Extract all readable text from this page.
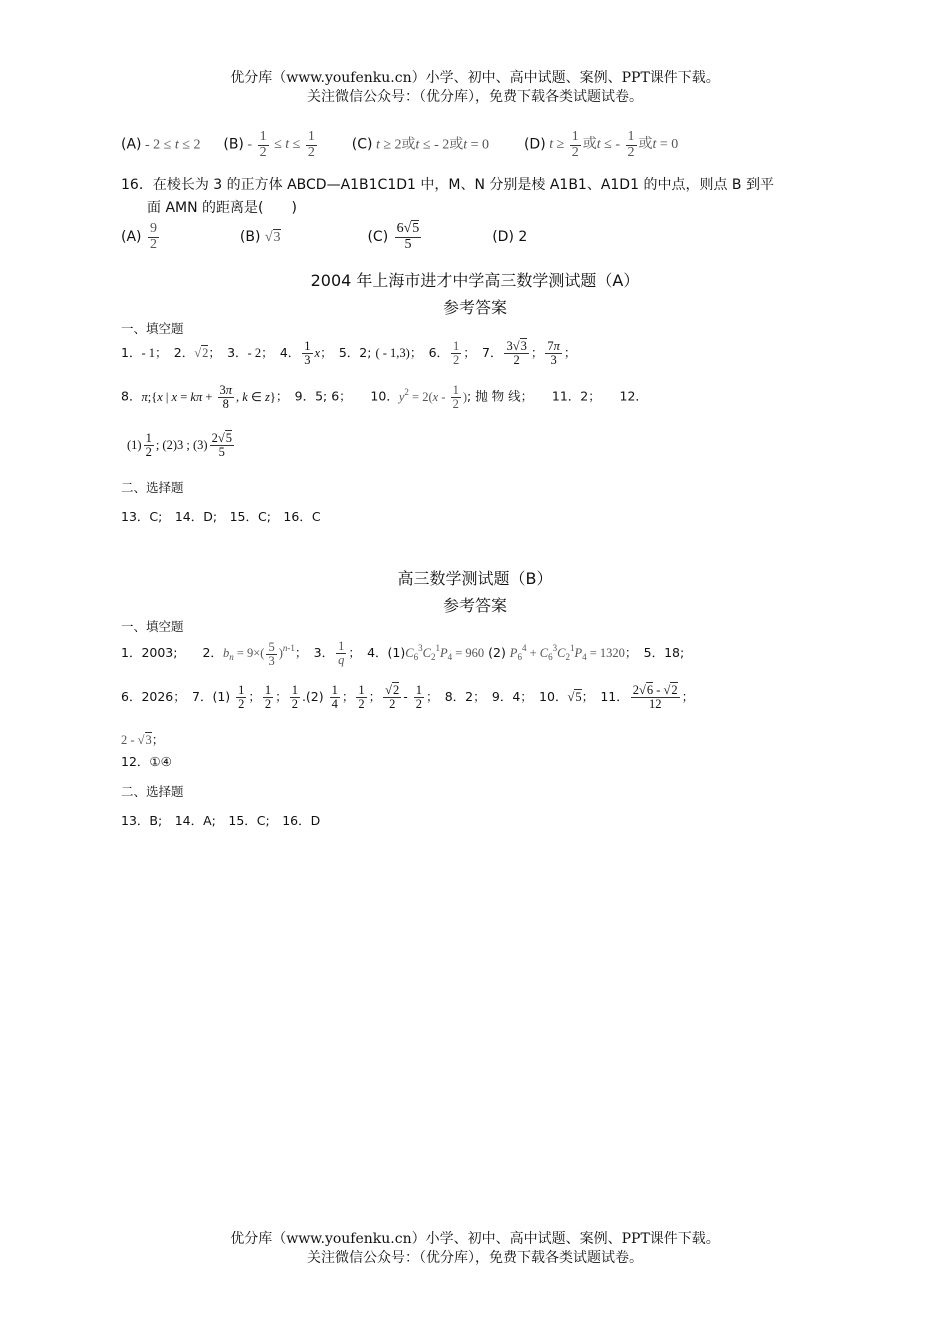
优分库（www.youfenku.cn）小学、初中、高中试题、案例、PPT课件下载。
关注微信公众号：（优分库），免费下载各类试题试卷。
(A) - 2 ≤ t ≤ 2 $(B) - \frac{1}{2} \le t \le \frac{1}{2} (C) t \ge 2$或t ≤ - 2或t = 0 (D) $t \ge \frac{1}{2}$ 或t ≤ - $\frac{1}{2}$ 或t = 0
16．在棱长为 3 的正方体 ABCD—A1B1C1D1 中，M、N 分别是棱 A1B1、A1D1 的中点，则点 B 到平
面 AMN 的距离是(　　)
$(A) \frac{9}{2}$	(B) √3	$(C) \frac{6√5}{5}$	(D) 2
2004 年上海市进才中学高三数学测试题（A）
参考答案
一、填空题
1．- 1；　2．√2；　3．- 2；　4． $\frac{1}{3}$ x；　5．2; ( - 1,3)；　6． $\frac{1}{2}$ ；　7． $\frac{3√3}{2}$ ； $\frac{7\pi}{3}$ ；
8．π;{x | $x = k\pi + \frac{3\pi}{8}$ , k ∈ z}；　9．5; 6；　　10．$y^2 = 2(x - \frac{1}{2}$ ); 抛 物 线；　　11．2；　　12．
$(1) \frac{1}{2}$ ; (2)3 ; $(3) \frac{2√5}{5}$
二、选择题
13．C;　14．D;　15．C;　16．C
高三数学测试题（B）
参考答案
一、填空题
1．2003;　　2．$b_n = 9\times( \frac{5}{3} )^{n-1}$；　3． $\frac{1}{q}$ ；　4．$(1)C_6^3C_2^1P_4 = 960$ (2) $P_6^4 + C_6^3C_2^1P_4 = 1320$；　5．18;
6．2026；　7．$(1) \frac{1}{2}$ ； $\frac{1}{2}$ ； $\frac{1}{2} .(2) \frac{1}{4}$ ； $\frac{1}{2}$ ； $\frac{√2}{2} - \frac{1}{2}$ ；　8．2；　9．4；　10．√5；　11． $\frac{2√6 - √2}{12}$ ；
2 - √3；
12．①④
二、选择题
13．B;　14．A;　15．C;　16．D
优分库（www.youfenku.cn）小学、初中、高中试题、案例、PPT课件下载。
关注微信公众号：（优分库），免费下载各类试题试卷。
